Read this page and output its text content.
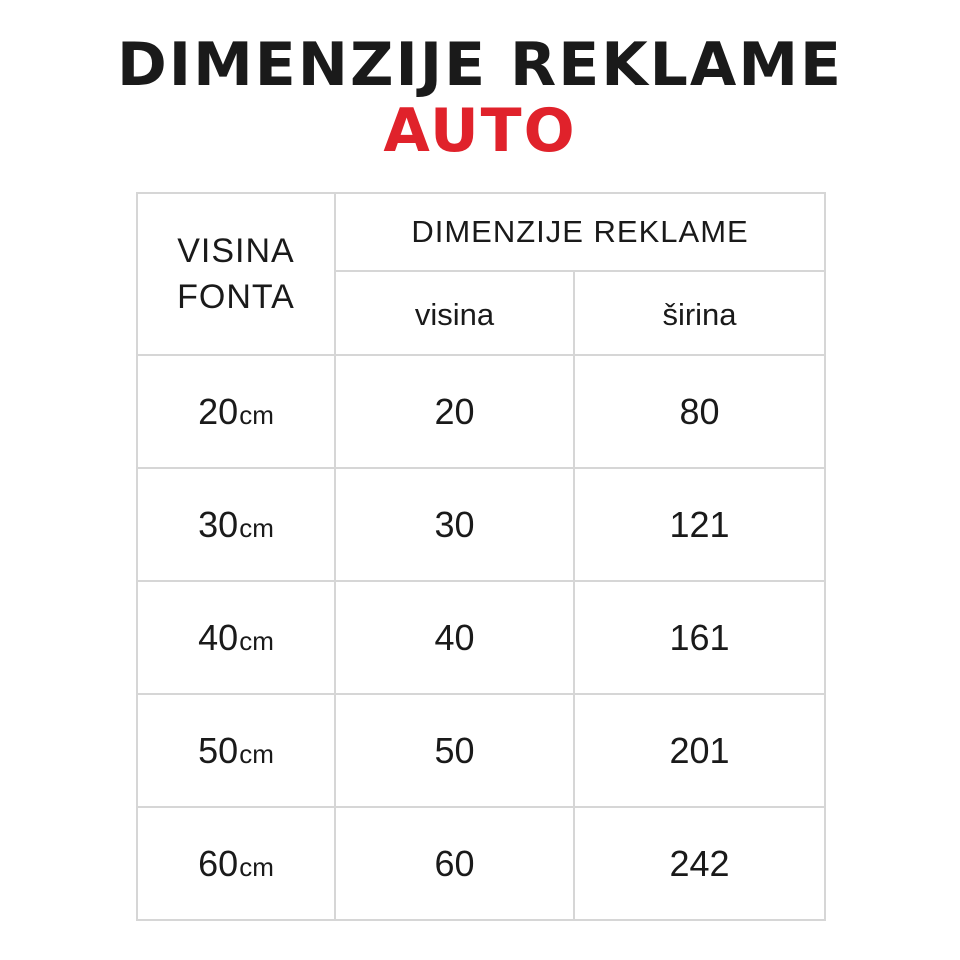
DIMENZIJE REKLAME
AUTO
VISINA
FONTA	DIMENZIJE REKLAME	
	visina	širina
20cm	20	80
30cm	30	121
40cm	40	161
50cm	50	201
60cm	60	242
